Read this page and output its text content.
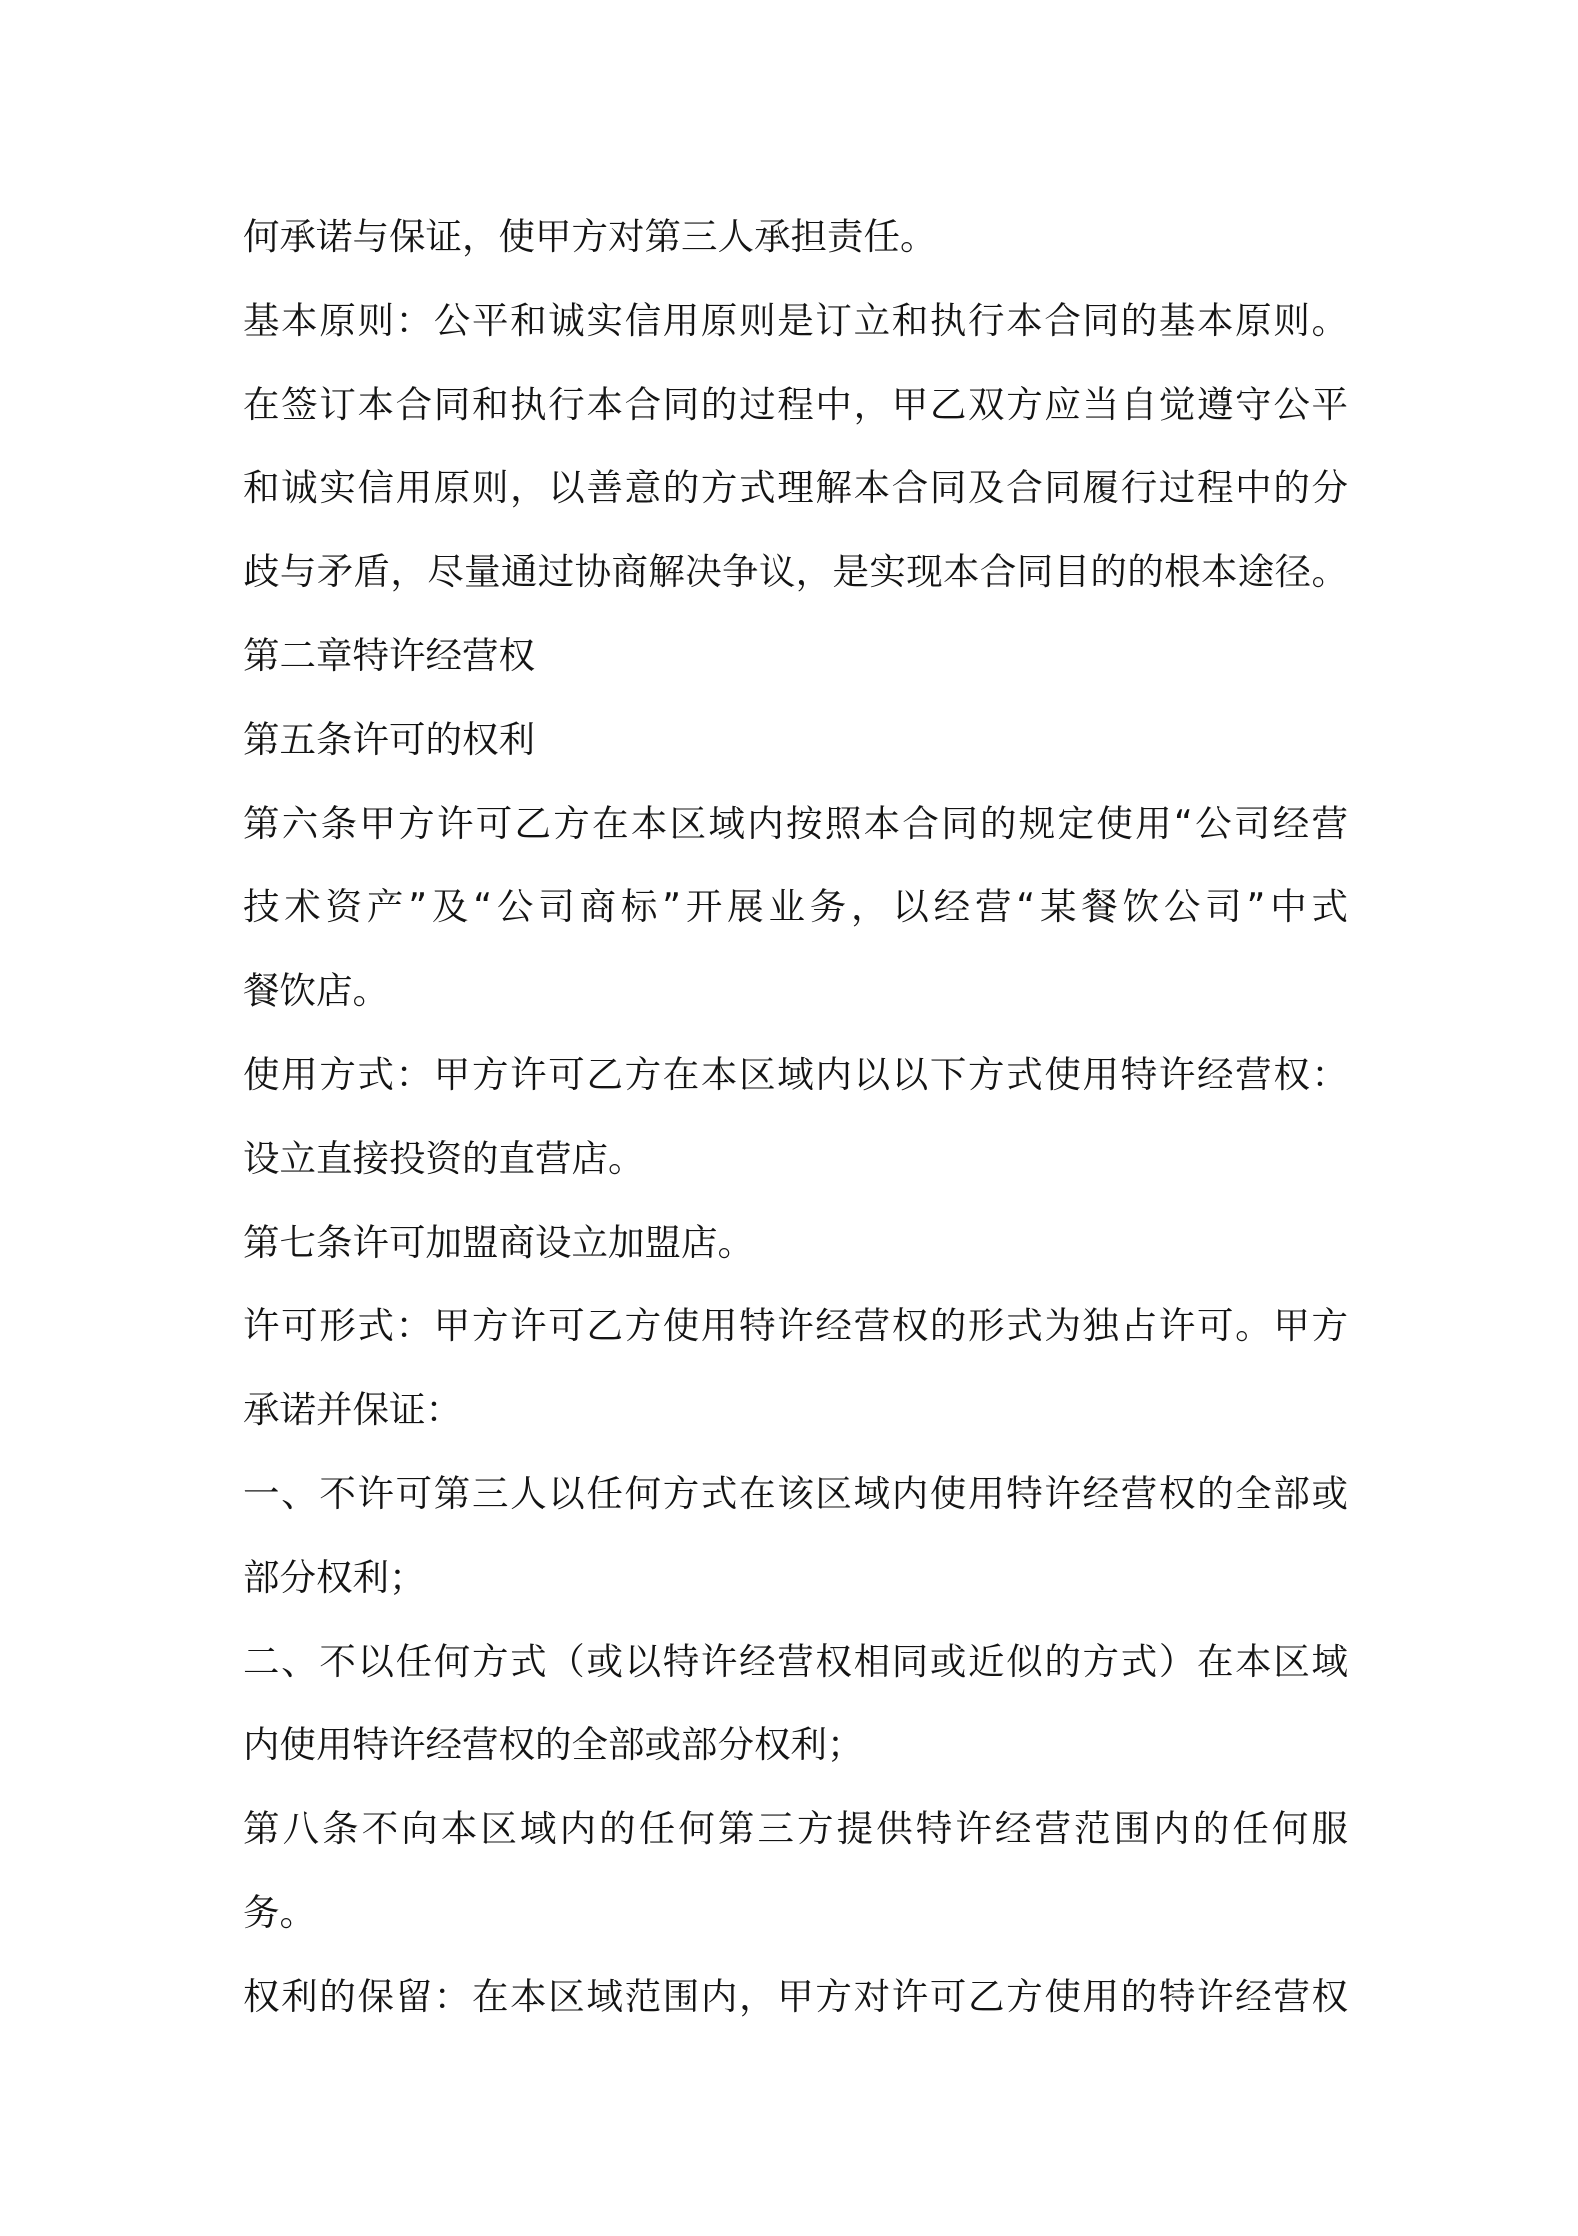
何承诺与保证，使甲方对第三人承担责任。
基本原则：公平和诚实信用原则是订立和执行本合同的基本原则。
在签订本合同和执行本合同的过程中，甲乙双方应当自觉遵守公平
和诚实信用原则，以善意的方式理解本合同及合同履行过程中的分
歧与矛盾，尽量通过协商解决争议，是实现本合同目的的根本途径。
第二章特许经营权
第五条许可的权利
第六条甲方许可乙方在本区域内按照本合同的规定使用“公司经营
技术资产”及“公司商标”开展业务，以经营“某餐饮公司”中式
餐饮店。
使用方式：甲方许可乙方在本区域内以以下方式使用特许经营权：
设立直接投资的直营店。
第七条许可加盟商设立加盟店。
许可形式：甲方许可乙方使用特许经营权的形式为独占许可。甲方
承诺并保证：
一、不许可第三人以任何方式在该区域内使用特许经营权的全部或
部分权利；
二、不以任何方式（或以特许经营权相同或近似的方式）在本区域
内使用特许经营权的全部或部分权利；
第八条不向本区域内的任何第三方提供特许经营范围内的任何服
务。
权利的保留：在本区域范围内，甲方对许可乙方使用的特许经营权
